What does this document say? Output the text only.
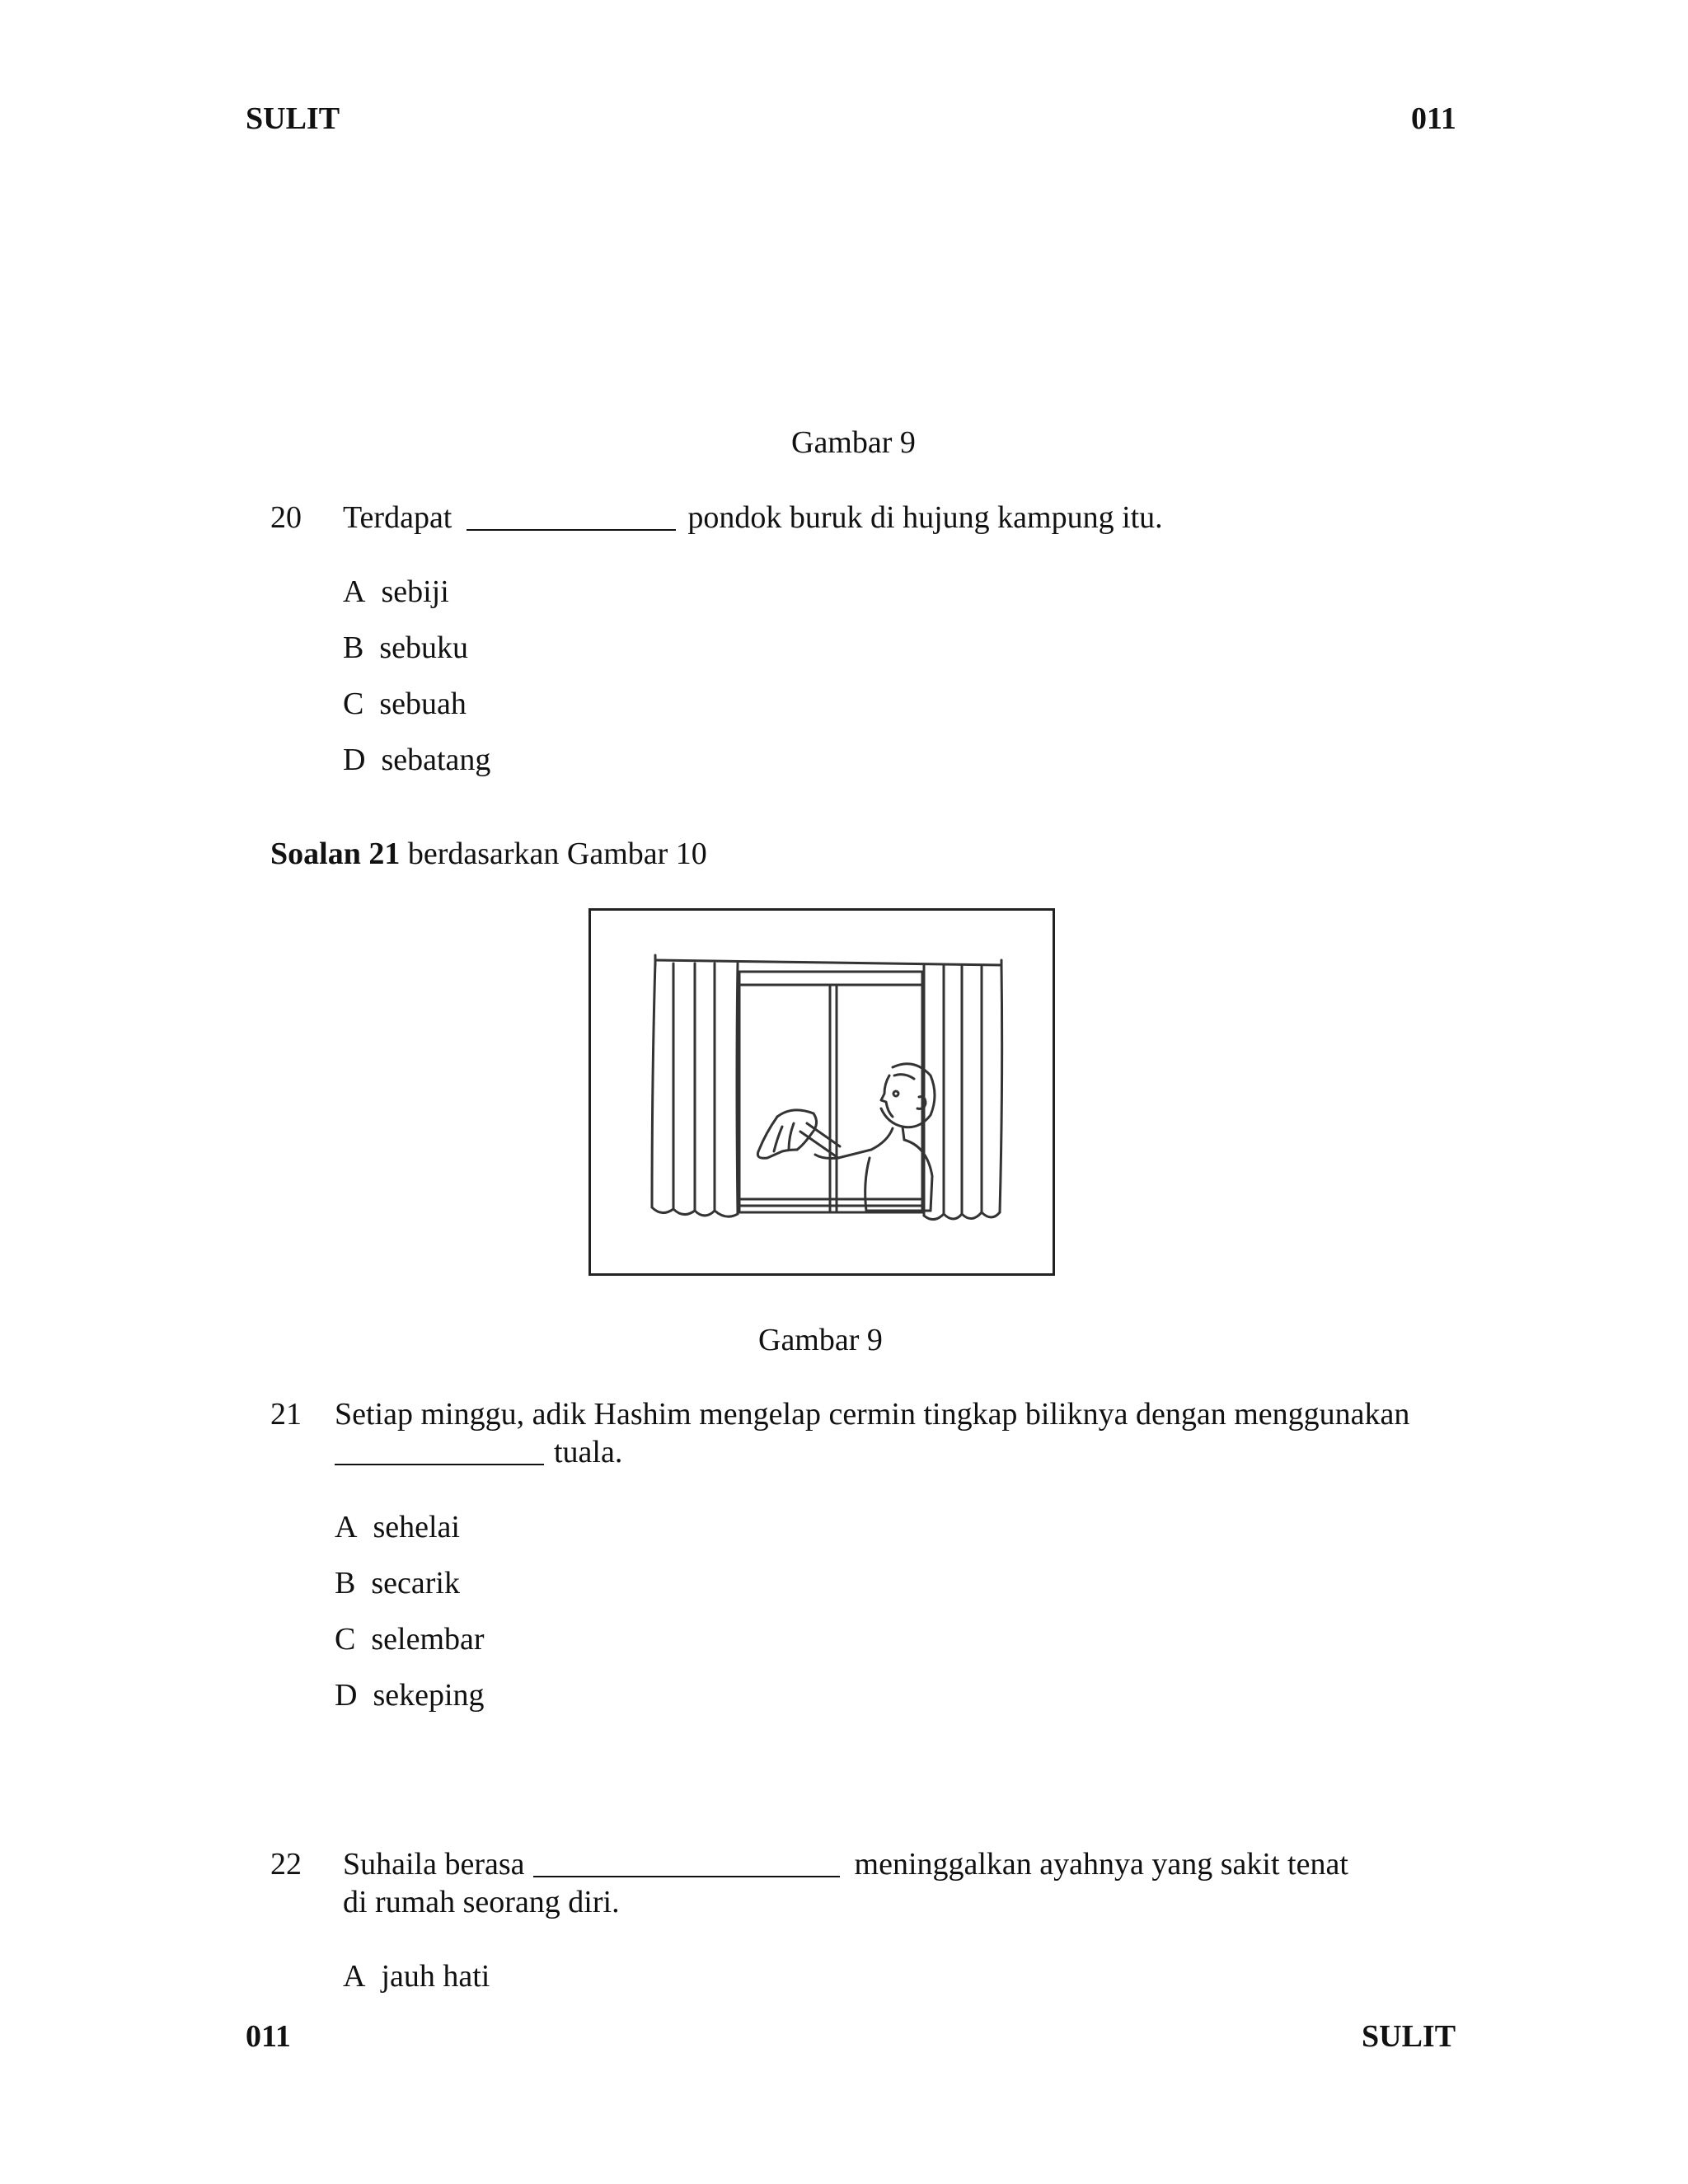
SULIT	011
Gambar 9
20 Terdapat	pondok buruk di hujung kampung itu.
A sebiji
B sebuku
C sebuah
D sebatang
Soalan 21 berdasarkan Gambar 10
Gambar 9
21 Setiap minggu, adik Hashim mengelap cermin tingkap biliknya dengan menggunakan
tuala.
A sehelai
B secarik
C selembar
D sekeping
22 Suhaila berasa	meninggalkan ayahnya yang sakit tenat
di rumah seorang diri.
A jauh hati
011	SULIT
